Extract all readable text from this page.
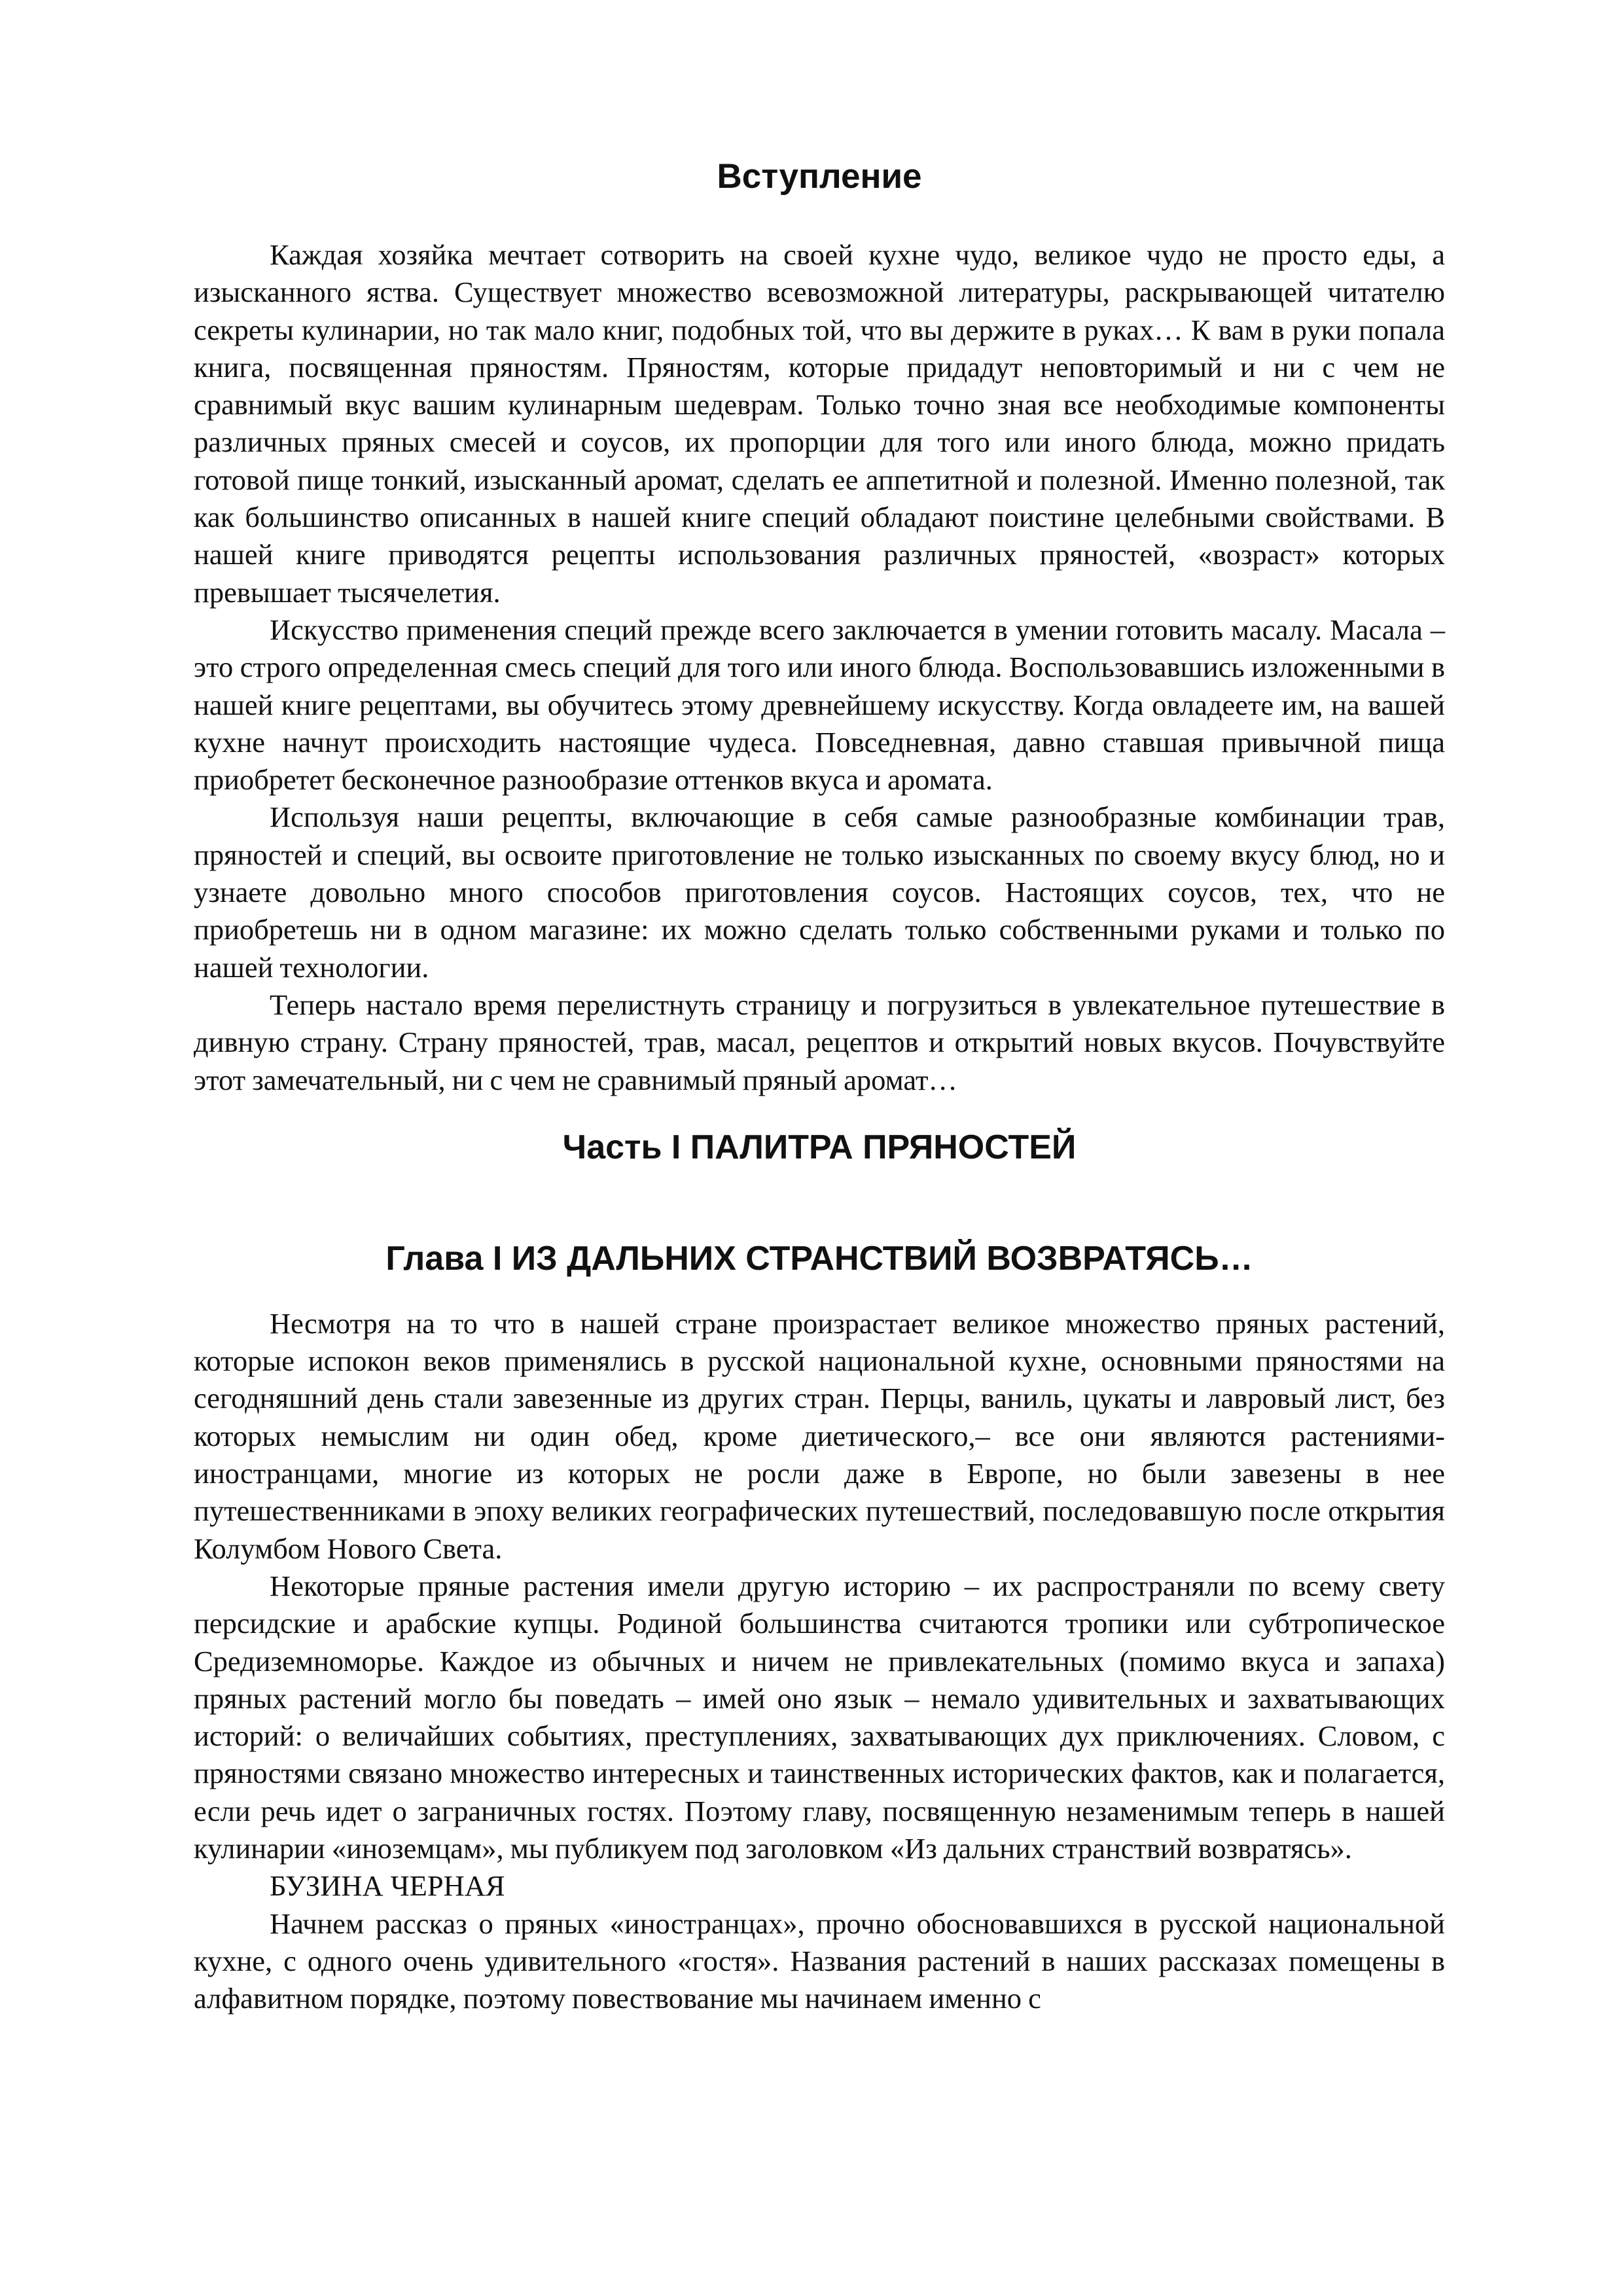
Вступление

Каждая хозяйка мечтает сотворить на своей кухне чудо, великое чудо не просто еды, а изысканного яства. Существует множество всевозможной литературы, раскрывающей читателю секреты кулинарии, но так мало книг, подобных той, что вы держите в руках… К вам в руки попала книга, посвященная пряностям. Пряностям, которые придадут неповторимый и ни с чем не сравнимый вкус вашим кулинарным шедеврам. Только точно зная все необходимые компоненты различных пряных смесей и соусов, их пропорции для того или иного блюда, можно придать готовой пище тонкий, изысканный аромат, сделать ее аппетитной и полезной. Именно полезной, так как большинство описанных в нашей книге специй обладают поистине целебными свойствами. В нашей книге приводятся рецепты использования различных пряностей, «возраст» которых превышает тысячелетия.

Искусство применения специй прежде всего заключается в умении готовить масалу. Масала – это строго определенная смесь специй для того или иного блюда. Воспользовавшись изложенными в нашей книге рецептами, вы обучитесь этому древнейшему искусству. Когда овладеете им, на вашей кухне начнут происходить настоящие чудеса. Повседневная, давно ставшая привычной пища приобретет бесконечное разнообразие оттенков вкуса и аромата.

Используя наши рецепты, включающие в себя самые разнообразные комбинации трав, пряностей и специй, вы освоите приготовление не только изысканных по своему вкусу блюд, но и узнаете довольно много способов приготовления соусов. Настоящих соусов, тех, что не приобретешь ни в одном магазине: их можно сделать только собственными руками и только по нашей технологии.

Теперь настало время перелистнуть страницу и погрузиться в увлекательное путешествие в дивную страну. Страну пряностей, трав, масал, рецептов и открытий новых вкусов. Почувствуйте этот замечательный, ни с чем не сравнимый пряный аромат…

Часть I ПАЛИТРА ПРЯНОСТЕЙ
Глава I ИЗ ДАЛЬНИХ СТРАНСТВИЙ ВОЗВРАТЯСЬ…

Несмотря на то что в нашей стране произрастает великое множество пряных растений, которые испокон веков применялись в русской национальной кухне, основными пряностями на сегодняшний день стали завезенные из других стран. Перцы, ваниль, цукаты и лавровый лист, без которых немыслим ни один обед, кроме диетического,– все они являются растениями-иностранцами, многие из которых не росли даже в Европе, но были завезены в нее путешественниками в эпоху великих географических путешествий, последовавшую после открытия Колумбом Нового Света.

Некоторые пряные растения имели другую историю – их распространяли по всему свету персидские и арабские купцы. Родиной большинства считаются тропики или субтропическое Средиземноморье. Каждое из обычных и ничем не привлекательных (помимо вкуса и запаха) пряных растений могло бы поведать – имей оно язык – немало удивительных и захватывающих историй: о величайших событиях, преступлениях, захватывающих дух приключениях. Словом, с пряностями связано множество интересных и таинственных исторических фактов, как и полагается, если речь идет о заграничных гостях. Поэтому главу, посвященную незаменимым теперь в нашей кулинарии «иноземцам», мы публикуем под заголовком «Из дальних странствий возвратясь».

БУЗИНА ЧЕРНАЯ

Начнем рассказ о пряных «иностранцах», прочно обосновавшихся в русской национальной кухне, с одного очень удивительного «гостя». Названия растений в наших рассказах помещены в алфавитном порядке, поэтому повествование мы начинаем именно с
